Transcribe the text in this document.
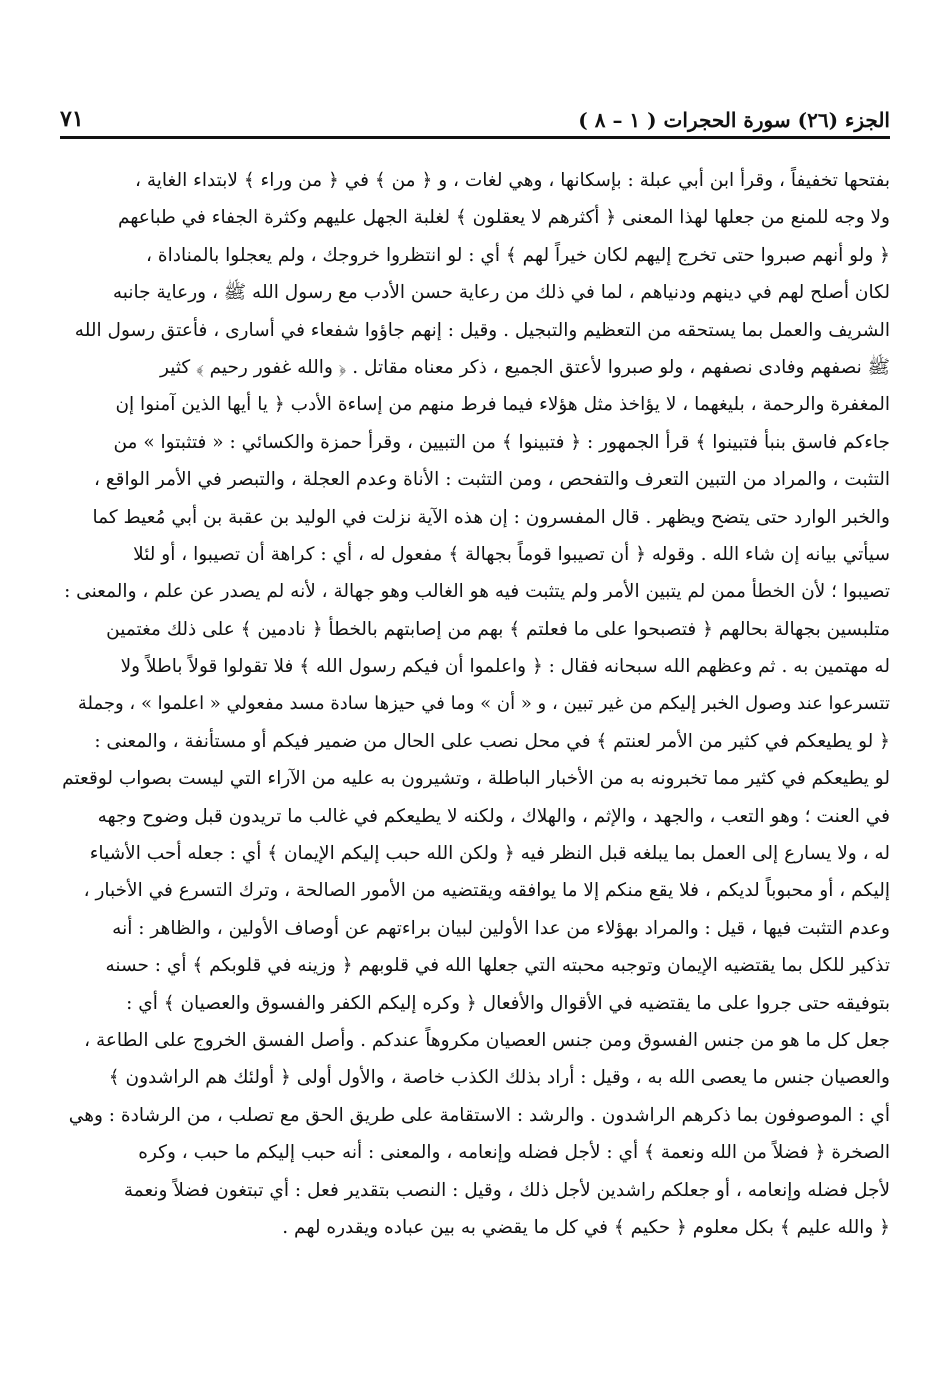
الجزء (٢٦) سورة الحجرات ( ١ – ٨ )
٧١
بفتحها تخفيفاً ، وقرأ ابن أبي عبلة : بإسكانها ، وهي لغات ، و ﴿ من ﴾ في ﴿ من وراء ﴾ لابتداء الغاية ،
ولا وجه للمنع من جعلها لهذا المعنى ﴿ أكثرهم لا يعقلون ﴾ لغلبة الجهل عليهم وكثرة الجفاء في طباعهم
﴿ ولو أنهم صبروا حتى تخرج إليهم لكان خيراً لهم ﴾ أي : لو انتظروا خروجك ، ولم يعجلوا بالمناداة ،
لكان أصلح لهم في دينهم ودنياهم ، لما في ذلك من رعاية حسن الأدب مع رسول الله ﷺ ، ورعاية جانبه
الشريف والعمل بما يستحقه من التعظيم والتبجيل . وقيل : إنهم جاؤوا شفعاء في أسارى ، فأعتق رسول الله
ﷺ نصفهم وفادى نصفهم ، ولو صبروا لأعتق الجميع ، ذكر معناه مقاتل . ﴿ والله غفور رحيم ﴾ كثير
المغفرة والرحمة ، بليغهما ، لا يؤاخذ مثل هؤلاء فيما فرط منهم من إساءة الأدب ﴿ يا أيها الذين آمنوا إن
جاءكم فاسق بنبأ فتبينوا ﴾ قرأ الجمهور : ﴿ فتبينوا ﴾ من التبيين ، وقرأ حمزة والكسائي : « فتثبتوا » من
التثبت ، والمراد من التبين التعرف والتفحص ، ومن التثبت : الأناة وعدم العجلة ، والتبصر في الأمر الواقع ،
والخبر الوارد حتى يتضح ويظهر . قال المفسرون : إن هذه الآية نزلت في الوليد بن عقبة بن أبي مُعيط كما
سيأتي بيانه إن شاء الله . وقوله ﴿ أن تصيبوا قوماً بجهالة ﴾ مفعول له ، أي : كراهة أن تصيبوا ، أو لئلا
تصيبوا ؛ لأن الخطأ ممن لم يتبين الأمر ولم يتثبت فيه هو الغالب وهو جهالة ، لأنه لم يصدر عن علم ، والمعنى :
متلبسين بجهالة بحالهم ﴿ فتصبحوا على ما فعلتم ﴾ بهم من إصابتهم بالخطأ ﴿ نادمين ﴾ على ذلك مغتمين
له مهتمين به . ثم وعظهم الله سبحانه فقال : ﴿ واعلموا أن فيكم رسول الله ﴾ فلا تقولوا قولاً باطلاً ولا
تتسرعوا عند وصول الخبر إليكم من غير تبين ، و « أن » وما في حيزها سادة مسد مفعولي « اعلموا » ، وجملة
﴿ لو يطيعكم في كثير من الأمر لعنتم ﴾ في محل نصب على الحال من ضمير فيكم أو مستأنفة ، والمعنى :
لو يطيعكم في كثير مما تخبرونه به من الأخبار الباطلة ، وتشيرون به عليه من الآراء التي ليست بصواب لوقعتم
في العنت ؛ وهو التعب ، والجهد ، والإثم ، والهلاك ، ولكنه لا يطيعكم في غالب ما تريدون قبل وضوح وجهه
له ، ولا يسارع إلى العمل بما يبلغه قبل النظر فيه ﴿ ولكن الله حبب إليكم الإيمان ﴾ أي : جعله أحب الأشياء
إليكم ، أو محبوباً لديكم ، فلا يقع منكم إلا ما يوافقه ويقتضيه من الأمور الصالحة ، وترك التسرع في الأخبار ،
وعدم التثبت فيها ، قيل : والمراد بهؤلاء من عدا الأولين لبيان براءتهم عن أوصاف الأولين ، والظاهر : أنه
تذكير للكل بما يقتضيه الإيمان وتوجبه محبته التي جعلها الله في قلوبهم ﴿ وزينه في قلوبكم ﴾ أي : حسنه
بتوفيقه حتى جروا على ما يقتضيه في الأقوال والأفعال ﴿ وكره إليكم الكفر والفسوق والعصيان ﴾ أي :
جعل كل ما هو من جنس الفسوق ومن جنس العصيان مكروهاً عندكم . وأصل الفسق الخروج على الطاعة ،
والعصيان جنس ما يعصى الله به ، وقيل : أراد بذلك الكذب خاصة ، والأول أولى ﴿ أولئك هم الراشدون ﴾
أي : الموصوفون بما ذكرهم الراشدون . والرشد : الاستقامة على طريق الحق مع تصلب ، من الرشادة : وهي
الصخرة ﴿ فضلاً من الله ونعمة ﴾ أي : لأجل فضله وإنعامه ، والمعنى : أنه حبب إليكم ما حبب ، وكره
لأجل فضله وإنعامه ، أو جعلكم راشدين لأجل ذلك ، وقيل : النصب بتقدير فعل : أي تبتغون فضلاً ونعمة
﴿ والله عليم ﴾ بكل معلوم ﴿ حكيم ﴾ في كل ما يقضي به بين عباده ويقدره لهم .
